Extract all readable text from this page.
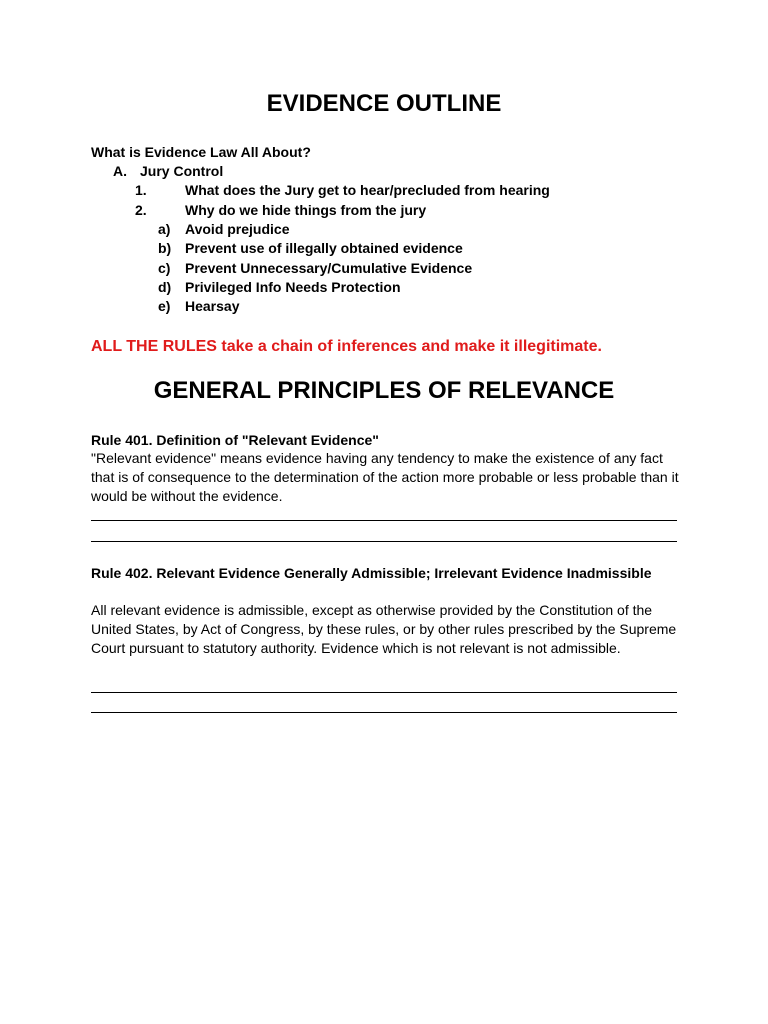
EVIDENCE OUTLINE

What is Evidence Law All About?

A. Jury Control
1.	What does the Jury get to hear/precluded from hearing
2.	Why do we hide things from the jury
a) Avoid prejudice
b) Prevent use of illegally obtained evidence
c) Prevent Unnecessary/Cumulative Evidence
d) Privileged Info Needs Protection
e) Hearsay

ALL THE RULES take a chain of inferences and make it illegitimate.

GENERAL PRINCIPLES OF RELEVANCE

Rule 401. Definition of "Relevant Evidence"

"Relevant evidence" means evidence having any tendency to make the existence of any fact that is of consequence to the determination of the action more probable or less probable than it would be without the evidence.

Rule 402. Relevant Evidence Generally Admissible; Irrelevant Evidence Inadmissible

All relevant evidence is admissible, except as otherwise provided by the Constitution of the United States, by Act of Congress, by these rules, or by other rules prescribed by the Supreme Court pursuant to statutory authority. Evidence which is not relevant is not admissible.
